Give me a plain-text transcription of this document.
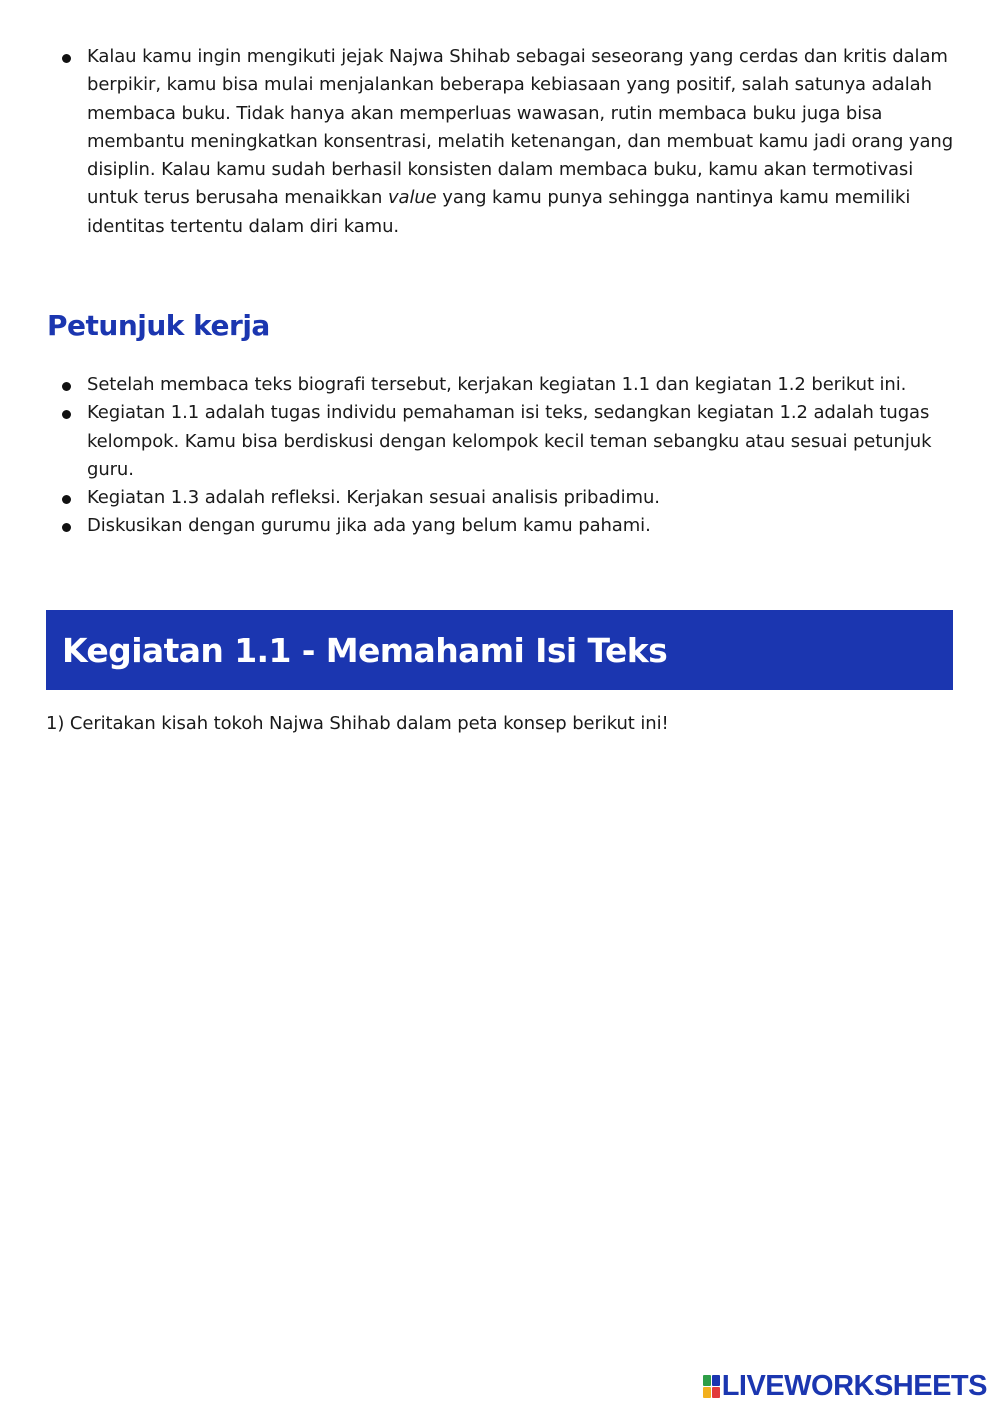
Kalau kamu ingin mengikuti jejak Najwa Shihab sebagai seseorang yang cerdas dan kritis dalam berpikir, kamu bisa mulai menjalankan beberapa kebiasaan yang positif, salah satunya adalah membaca buku. Tidak hanya akan memperluas wawasan, rutin membaca buku juga bisa membantu meningkatkan konsentrasi, melatih ketenangan, dan membuat kamu jadi orang yang disiplin. Kalau kamu sudah berhasil konsisten dalam membaca buku, kamu akan termotivasi untuk terus berusaha menaikkan value yang kamu punya sehingga nantinya kamu memiliki identitas tertentu dalam diri kamu.
Petunjuk kerja
Setelah membaca teks biografi tersebut, kerjakan kegiatan 1.1 dan kegiatan 1.2 berikut ini.
Kegiatan 1.1 adalah tugas individu pemahaman isi teks, sedangkan kegiatan 1.2 adalah tugas kelompok. Kamu bisa berdiskusi dengan kelompok kecil teman sebangku atau sesuai petunjuk guru.
Kegiatan 1.3 adalah refleksi. Kerjakan sesuai analisis pribadimu.
Diskusikan dengan gurumu jika ada yang belum kamu pahami.
Kegiatan 1.1 - Memahami Isi Teks

1) Ceritakan kisah tokoh Najwa Shihab dalam peta konsep berikut ini!

LIVEWORKSHEETS
